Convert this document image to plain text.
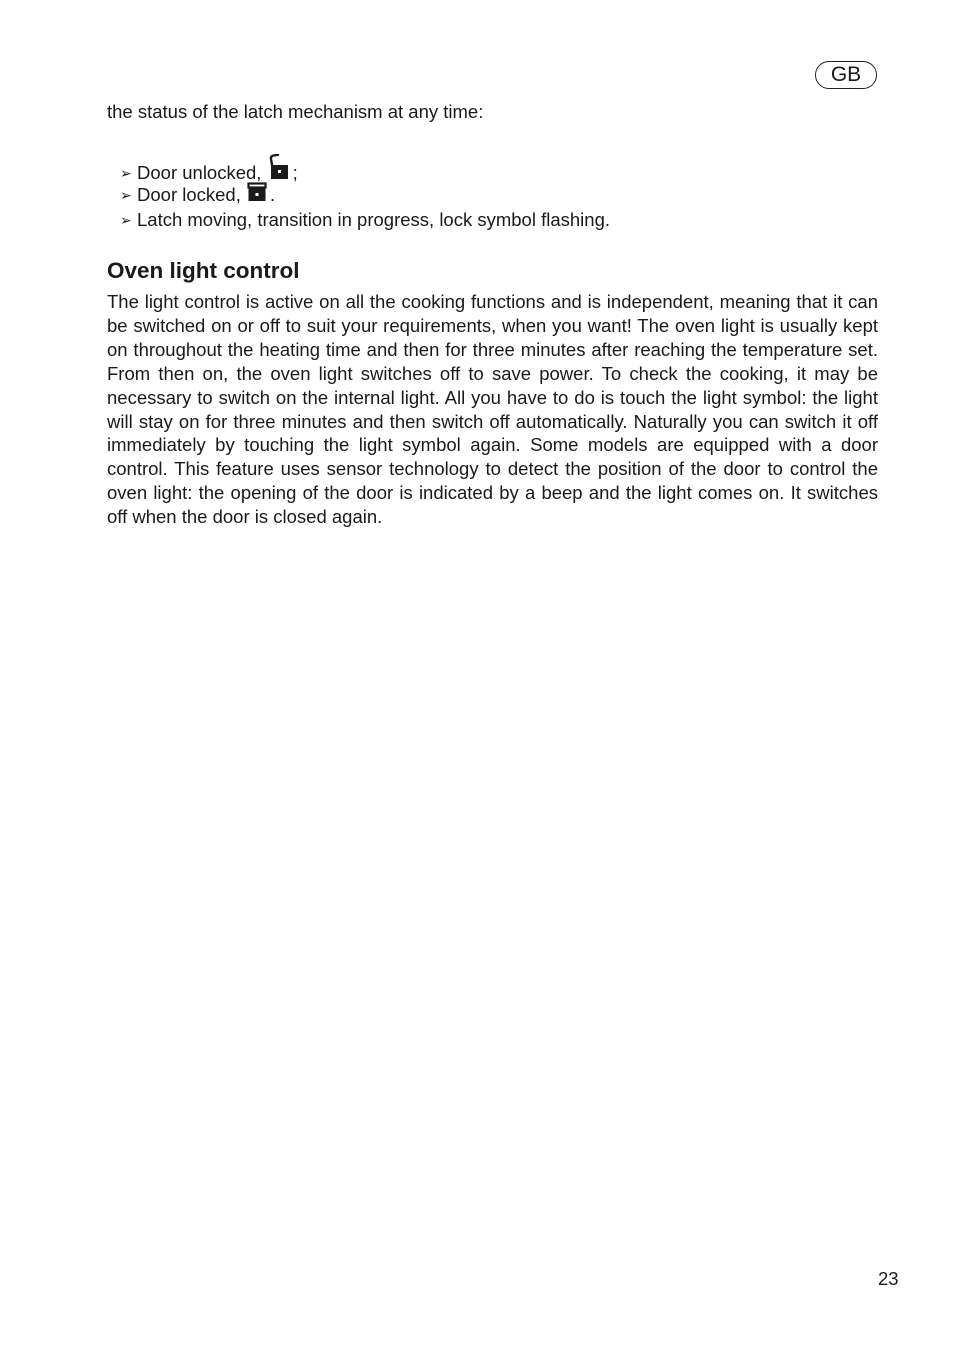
GB

the status of the latch mechanism at any time:

➢ Door unlocked, ;
➢ Door locked, .
➢ Latch moving, transition in progress, lock symbol flashing.
Oven light control

The light control is active on all the cooking functions and is independent, meaning that it can be switched on or off to suit your requirements, when you want! The oven light is usually kept on throughout the heating time and then for three minutes after reaching the temperature set. From then on, the oven light switches off to save power. To check the cooking, it may be necessary to switch on the internal light. All you have to do is touch the light symbol: the light will stay on for three minutes and then switch off automatically. Naturally you can switch it off immediately by touching the light symbol again. Some models are equipped with a door control. This feature uses sensor technology to detect the position of the door to control the oven light: the opening of the door is indicated by a beep and the light comes on. It switches off when the door is closed again.

23
